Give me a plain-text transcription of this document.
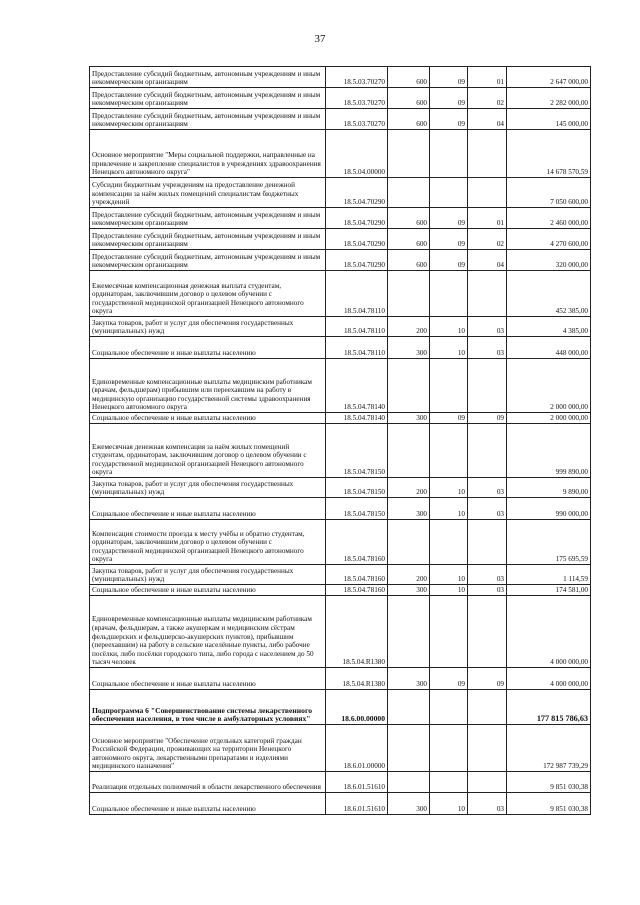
37
Предоставление субсидий бюджетным, автономным учреждениям и иным некоммерческим организациям	18.5.03.70270	600	09	01	2 647 000,00
Предоставление субсидий бюджетным, автономным учреждениям и иным некоммерческим организациям	18.5.03.70270	600	09	02	2 282 000,00
Предоставление субсидий бюджетным, автономным учреждениям и иным некоммерческим организациям	18.5.03.70270	600	09	04	145 000,00
Основное мероприятие "Меры социальной поддержки, направленные на привлечение и закрепление специалистов в учреждениях здравоохранения Ненецкого автономного округа"	18.5.04.00000				14 678 570,59
Субсидии бюджетным учреждениям на предоставление денежной компенсации за наём жилых помещений специалистам бюджетных учреждений	18.5.04.70290				7 050 600,00
Предоставление субсидий бюджетным, автономным учреждениям и иным некоммерческим организациям	18.5.04.70290	600	09	01	2 460 000,00
Предоставление субсидий бюджетным, автономным учреждениям и иным некоммерческим организациям	18.5.04.70290	600	09	02	4 270 600,00
Предоставление субсидий бюджетным, автономным учреждениям и иным некоммерческим организациям	18.5.04.70290	600	09	04	320 000,00
Ежемесячная компенсационная денежная выплата студентам, ординаторам, заключившим договор о целевом обучении с государственной медицинской организацией Ненецкого автономного округа	18.5.04.78110				452 385,00
Закупка товаров, работ и услуг для обеспечения государственных (муниципальных) нужд	18.5.04.78110	200	10	03	4 385,00
Социальное обеспечение и иные выплаты населению	18.5.04.78110	300	10	03	448 000,00
Единовременные компенсационные выплаты медицинским работникам (врачам, фельдшерам) прибывшим или переехавшим на работу в медицинскую организацию государственной системы здравоохранения Ненецкого автономного округа	18.5.04.78140				2 000 000,00
Социальное обеспечение и иные выплаты населению	18.5.04.78140	300	09	09	2 000 000,00
Ежемесячная денежная компенсация за наём жилых помещений студентам, ординаторам, заключившим договор о целевом обучении с государственной медицинской организацией Ненецкого автономного округа	18.5.04.78150				999 890,00
Закупка товаров, работ и услуг для обеспечения государственных (муниципальных) нужд	18.5.04.78150	200	10	03	9 890,00
Социальное обеспечение и иные выплаты населению	18.5.04.78150	300	10	03	990 000,00
Компенсация стоимости проезда к месту учёбы и обратно студентам, ординаторам, заключившим договор о целевом обучении с государственной медицинской организацией Ненецкого автономного округа	18.5.04.78160				175 695,59
Закупка товаров, работ и услуг для обеспечения государственных (муниципальных) нужд	18.5.04.78160	200	10	03	1 114,59
Социальное обеспечение и иные выплаты населению	18.5.04.78160	300	10	03	174 581,00
Единовременные компенсационные выплаты медицинским работникам (врачам, фельдшерам, а также акушеркам и медицинским сёстрам фельдшерских и фельдшерско-акушерских пунктов), прибывшим (переехавшим) на работу в сельские населённые пункты, либо рабочие посёлки, либо посёлки городского типа, либо города с населением до 50 тысяч человек	18.5.04.R1380				4 000 000,00
Социальное обеспечение и иные выплаты населению	18.5.04.R1380	300	09	09	4 000 000,00
Подпрограмма 6 "Совершенствование системы лекарственного обеспечения населения, в том числе в амбулаторных условиях"	18.6.00.00000				177 815 786,63
Основное мероприятие "Обеспечение отдельных категорий граждан Российской Федерации, проживающих на территории Ненецкого автономного округа, лекарственными препаратами и изделиями медицинского назначения"	18.6.01.00000				172 987 739,29
Реализация отдельных полномочий в области лекарственного обеспечения	18.6.01.51610				9 851 030,38
Социальное обеспечение и иные выплаты населению	18.6.01.51610	300	10	03	9 851 030,38
